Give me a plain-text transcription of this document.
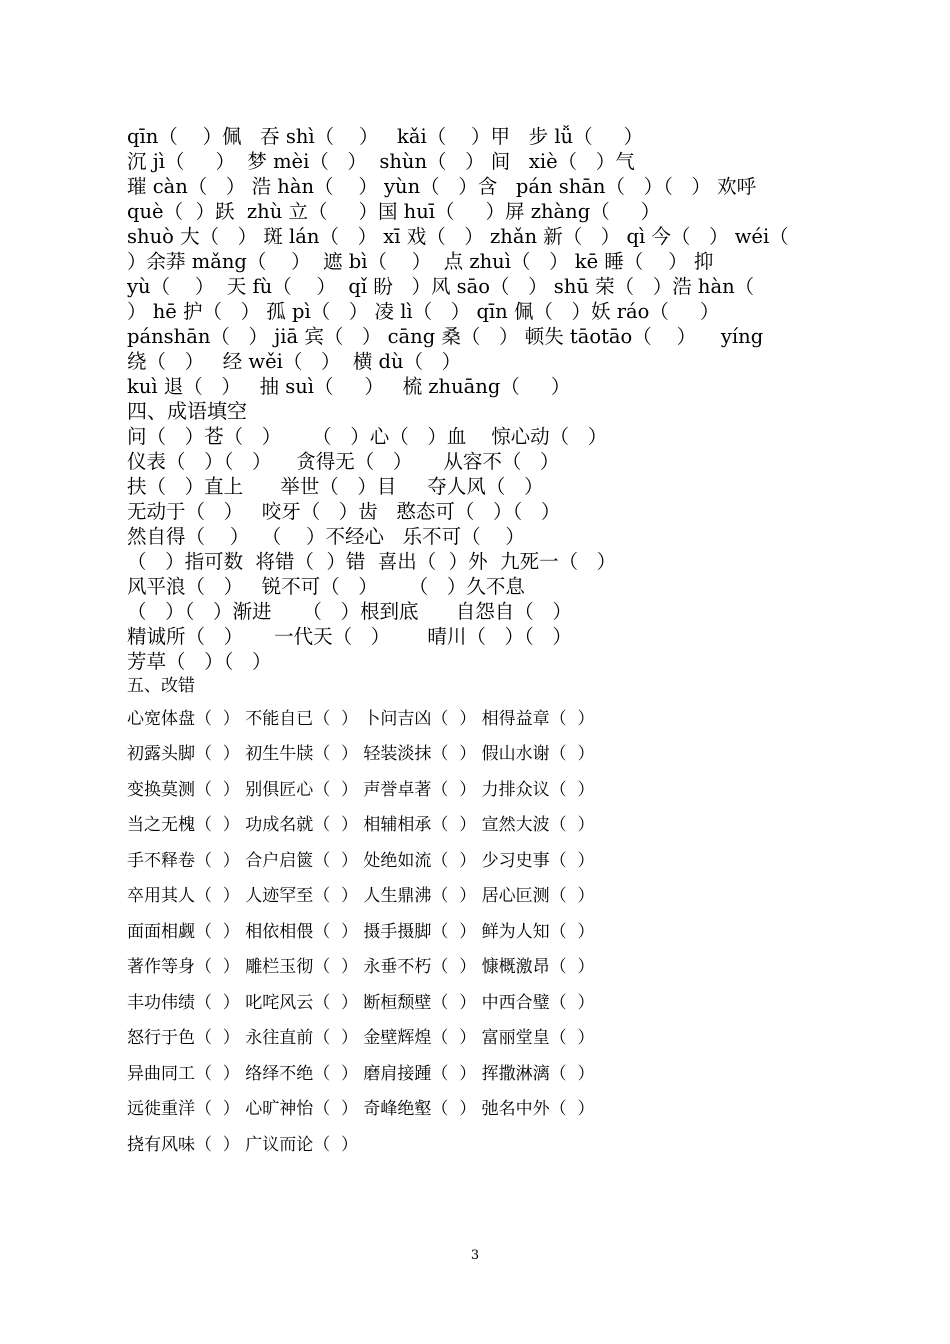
qīn（    ）佩   吞 shì（    ）   kǎi（    ）甲   步 lǚ（     ）
沉 jì（     ）  梦 mèi（   ）  shùn（   ） 间   xiè（   ）气
璀 càn（   ） 浩 hàn（    ） yùn（   ）含   pán shān（   ）（   ） 欢呼
què（  ）跃  zhù 立（     ）国 huī（     ）屏 zhàng（     ）
shuò 大（   ） 斑 lán（   ） xī 戏（   ） zhǎn 新（   ） qì 今（   ） wéi（
）余莽 mǎng（    ）  遮 bì（    ）  点 zhuì（   ） kē 睡（    ） 抑
yù（    ）  天 fù（    ）  qǐ 盼   ）风 sāo（   ） shū 荣（   ）浩 hàn（
） hē 护（   ） 孤 pì（   ） 凌 lì（   ） qīn 佩（   ）妖 ráo（     ）
pánshān（   ） jiā 宾（   ） cāng 桑（   ） 顿失 tāotāo（    ）    yíng
绕（   ）   经 wěi（   ）  横 dù（   ）
kuì 退（   ）   抽 suì（     ）   梳 zhuāng（     ）
四、成语填空
问（   ）苍（   ）     （   ）心（   ）血    惊心动（   ）
仪表（   ）（   ）    贪得无（   ）     从容不（   ）
扶（   ）直上      举世（   ）目     夺人风（   ）
无动于（   ）   咬牙（   ）齿   憨态可（   ）（   ）
然自得（    ）  （    ）不经心   乐不可（    ）
（   ）指可数  将错（  ）错  喜出（  ）外  九死一（   ）
风平浪（   ）   锐不可（   ）     （   ）久不息
（   ）（   ）渐进     （   ）根到底      自怨自（   ）
精诚所（   ）     一代天（   ）      晴川（   ）（   ）
芳草（   ）（   ）
五、改错
心宽体盘（  ） 不能自已（  ） 卜问吉凶（  ） 相得益章（  ）
初露头脚（  ） 初生牛牍（  ） 轻装淡抹（  ） 假山水谢（  ）
变换莫测（  ） 别俱匠心（  ） 声誉卓著（  ） 力排众议（  ）
当之无槐（  ） 功成名就（  ） 相辅相承（  ） 宣然大波（  ）
手不释卷（  ） 合户启篋（  ） 处绝如流（  ） 少习史事（  ）
卒用其人（  ） 人迹罕至（  ） 人生鼎沸（  ） 居心叵测（  ）
面面相觑（  ） 相依相偎（  ） 摄手摄脚（  ） 鲜为人知（  ）
著作等身（  ） 雕栏玉彻（  ） 永垂不朽（  ） 慷概激昂（  ）
丰功伟绩（  ） 叱咤风云（  ） 断桓颓壁（  ） 中西合璧（  ）
怒行于色（  ） 永往直前（  ） 金壁辉煌（  ） 富丽堂皇（  ）
异曲同工（  ） 络绎不绝（  ） 磨肩接踵（  ） 挥撒淋漓（  ）
远徙重洋（  ） 心旷神怡（  ） 奇峰绝壑（  ） 弛名中外（  ）
挠有风味（  ） 广议而论（  ）
3
